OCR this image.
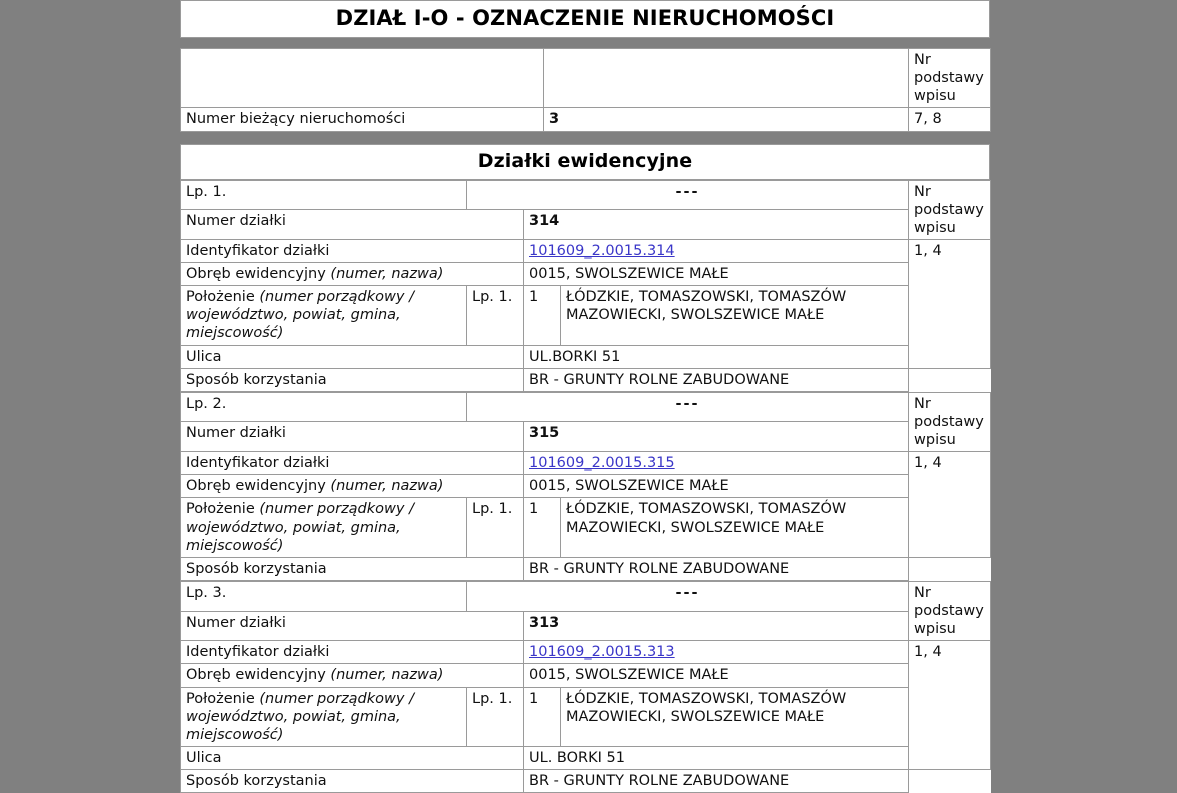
DZIAŁ I-O - OZNACZENIE NIERUCHOMOŚCI
		Nr podstawy wpisu
Numer bieżący nieruchomości	3	7, 8
Działki ewidencyjne
Lp. 1.	---			Nr podstawy wpisu
Numer działki		314		
Identyfikator działki		101609_2.0015.314		1, 4
Obręb ewidencyjny (numer, nazwa)		0015, SWOLSZEWICE MAŁE		
Położenie (numer porządkowy / województwo, powiat, gmina, miejscowość)	Lp. 1.	1	ŁÓDZKIE, TOMASZOWSKI, TOMASZÓW MAZOWIECKI, SWOLSZEWICE MAŁE	
Ulica		UL.BORKI 51		
Sposób korzystania		BR - GRUNTY ROLNE ZABUDOWANE		
Lp. 2.	---			Nr podstawy wpisu
Numer działki		315		
Identyfikator działki		101609_2.0015.315		1, 4
Obręb ewidencyjny (numer, nazwa)		0015, SWOLSZEWICE MAŁE		
Położenie (numer porządkowy / województwo, powiat, gmina, miejscowość)	Lp. 1.	1	ŁÓDZKIE, TOMASZOWSKI, TOMASZÓW MAZOWIECKI, SWOLSZEWICE MAŁE	
Sposób korzystania		BR - GRUNTY ROLNE ZABUDOWANE		
Lp. 3.	---			Nr podstawy wpisu
Numer działki		313		
Identyfikator działki		101609_2.0015.313		1, 4
Obręb ewidencyjny (numer, nazwa)		0015, SWOLSZEWICE MAŁE		
Położenie (numer porządkowy / województwo, powiat, gmina, miejscowość)	Lp. 1.	1	ŁÓDZKIE, TOMASZOWSKI, TOMASZÓW MAZOWIECKI, SWOLSZEWICE MAŁE	
Ulica		UL. BORKI 51		
Sposób korzystania		BR - GRUNTY ROLNE ZABUDOWANE		
